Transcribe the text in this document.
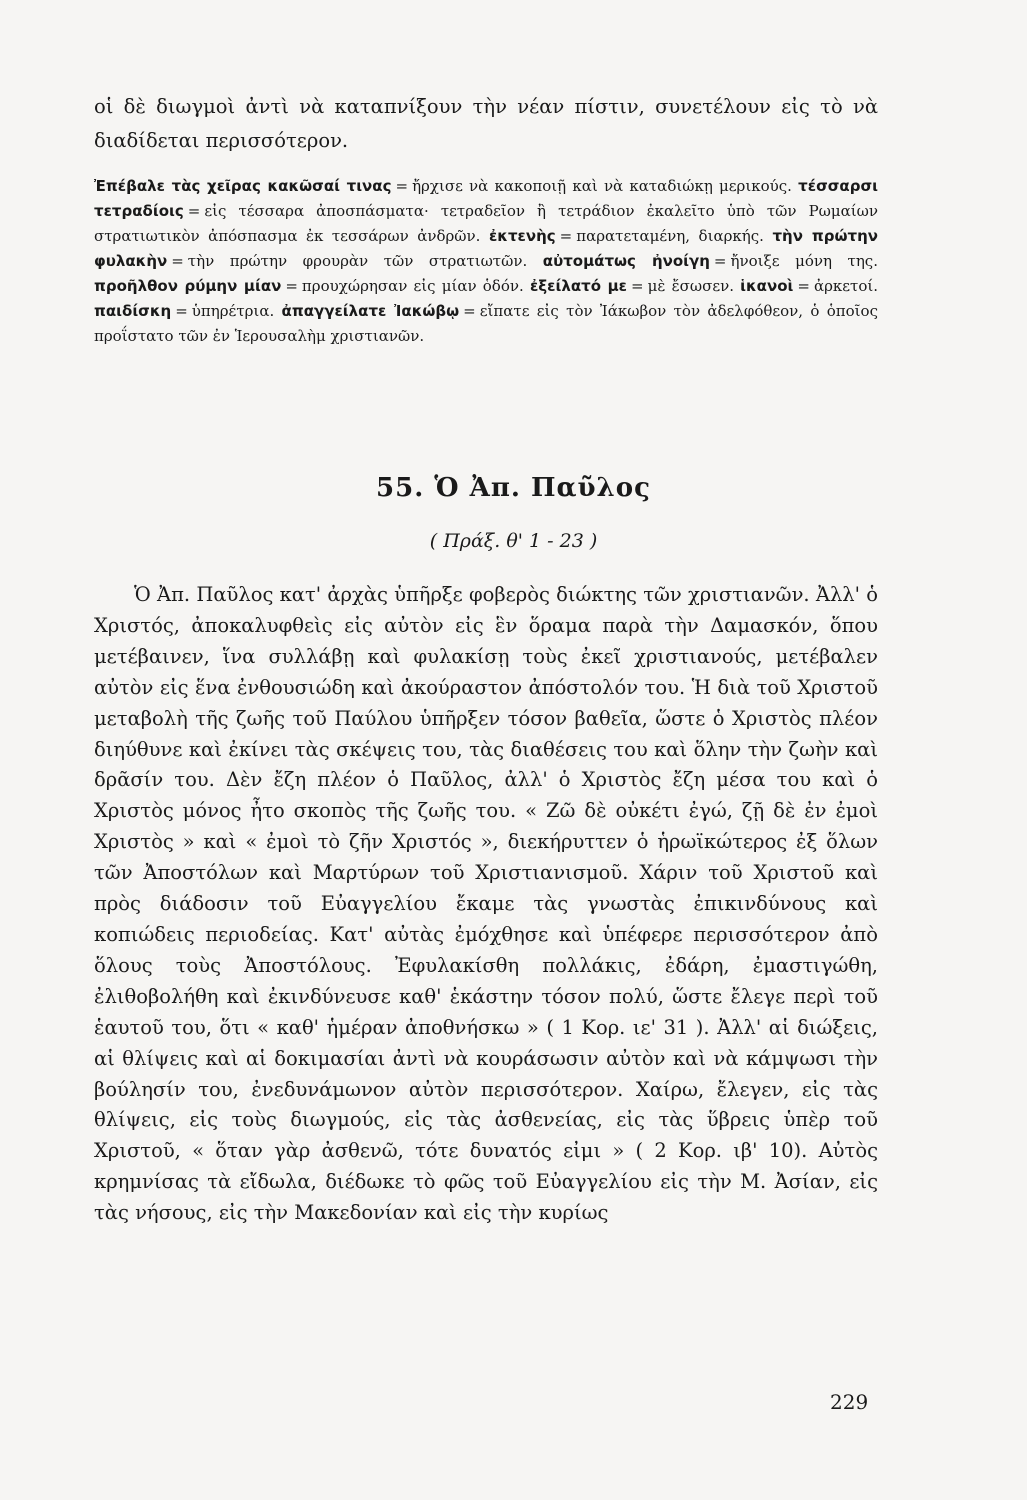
οἱ δὲ διωγμοὶ ἀντὶ νὰ καταπνίξουν τὴν νέαν πίστιν, συνετέλουν εἰς τὸ νὰ διαδίδεται περισσότερον.

Ἐπέβαλε τὰς χεῖρας κακῶσαί τινας = ἤρχισε νὰ κακοποιῇ καὶ νὰ καταδιώκῃ μερικούς. τέσσαρσι τετραδίοις = εἰς τέσσαρα ἀποσπάσματα· τετραδεῖον ἢ τετράδιον ἐκαλεῖτο ὑπὸ τῶν Ρωμαίων στρατιωτικὸν ἀπόσπασμα ἐκ τεσσάρων ἀνδρῶν. ἐκτενὴς = παρατεταμένη, διαρκής. τὴν πρώτην φυλακὴν = τὴν πρώτην φρουρὰν τῶν στρατιωτῶν. αὐτομάτως ἠνοίγη = ἤνοιξε μόνη της. προῆλθον ρύμην μίαν = προυχώρησαν εἰς μίαν ὁδόν. ἐξείλατό με = μὲ ἔσωσεν. ἱκανοὶ = ἀρκετοί. παιδίσκη = ὑπηρέτρια. ἀπαγγείλατε Ἰακώβῳ = εἴπατε εἰς τὸν Ἰάκωβον τὸν ἀδελφόθεον, ὁ ὁποῖος προΐστατο τῶν ἐν Ἱερουσαλὴμ χριστιανῶν.

55. Ὁ Ἀπ. Παῦλος

( Πράξ. θ' 1 - 23 )

Ὁ Ἀπ. Παῦλος κατ' ἀρχὰς ὑπῆρξε φοβερὸς διώκτης τῶν χριστιανῶν. Ἀλλ' ὁ Χριστός, ἀποκαλυφθεὶς εἰς αὐτὸν εἰς ἓν ὅραμα παρὰ τὴν Δαμασκόν, ὅπου μετέβαινεν, ἵνα συλλάβῃ καὶ φυλακίσῃ τοὺς ἐκεῖ χριστιανούς, μετέβαλεν αὐτὸν εἰς ἕνα ἐνθουσιώδη καὶ ἀκούραστον ἀπόστολόν του. Ἡ διὰ τοῦ Χριστοῦ μεταβολὴ τῆς ζωῆς τοῦ Παύλου ὑπῆρξεν τόσον βαθεῖα, ὥστε ὁ Χριστὸς πλέον διηύθυνε καὶ ἐκίνει τὰς σκέψεις του, τὰς διαθέσεις του καὶ ὅλην τὴν ζωὴν καὶ δρᾶσίν του. Δὲν ἔζη πλέον ὁ Παῦλος, ἀλλ' ὁ Χριστὸς ἔζη μέσα του καὶ ὁ Χριστὸς μόνος ἦτο σκοπὸς τῆς ζωῆς του. « Ζῶ δὲ οὐκέτι ἐγώ, ζῇ δὲ ἐν ἐμοὶ Χριστὸς » καὶ « ἐμοὶ τὸ ζῆν Χριστός », διεκήρυττεν ὁ ἡρωϊκώτερος ἐξ ὅλων τῶν Ἀποστόλων καὶ Μαρτύρων τοῦ Χριστιανισμοῦ. Χάριν τοῦ Χριστοῦ καὶ πρὸς διάδοσιν τοῦ Εὐαγγελίου ἔκαμε τὰς γνωστὰς ἐπικινδύνους καὶ κοπιώδεις περιοδείας. Κατ' αὐτὰς ἐμόχθησε καὶ ὑπέφερε περισσότερον ἀπὸ ὅλους τοὺς Ἀποστόλους. Ἐφυλακίσθη πολλάκις, ἐδάρη, ἐμαστιγώθη, ἐλιθοβολήθη καὶ ἐκινδύνευσε καθ' ἑκάστην τόσον πολύ, ὥστε ἔλεγε περὶ τοῦ ἑαυτοῦ του, ὅτι « καθ' ἡμέραν ἀποθνήσκω » ( 1 Κορ. ιε' 31 ). Ἀλλ' αἱ διώξεις, αἱ θλίψεις καὶ αἱ δοκιμασίαι ἀντὶ νὰ κουράσωσιν αὐτὸν καὶ νὰ κάμψωσι τὴν βούλησίν του, ἐνεδυνάμωνον αὐτὸν περισσότερον. Χαίρω, ἔλεγεν, εἰς τὰς θλίψεις, εἰς τοὺς διωγμούς, εἰς τὰς ἀσθενείας, εἰς τὰς ὕβρεις ὑπὲρ τοῦ Χριστοῦ, « ὅταν γὰρ ἀσθενῶ, τότε δυνατός εἰμι » ( 2 Κορ. ιβ' 10). Αὐτὸς κρημνίσας τὰ εἴδωλα, διέδωκε τὸ φῶς τοῦ Εὐαγγελίου εἰς τὴν Μ. Ἀσίαν, εἰς τὰς νήσους, εἰς τὴν Μακεδονίαν καὶ εἰς τὴν κυρίως

229
